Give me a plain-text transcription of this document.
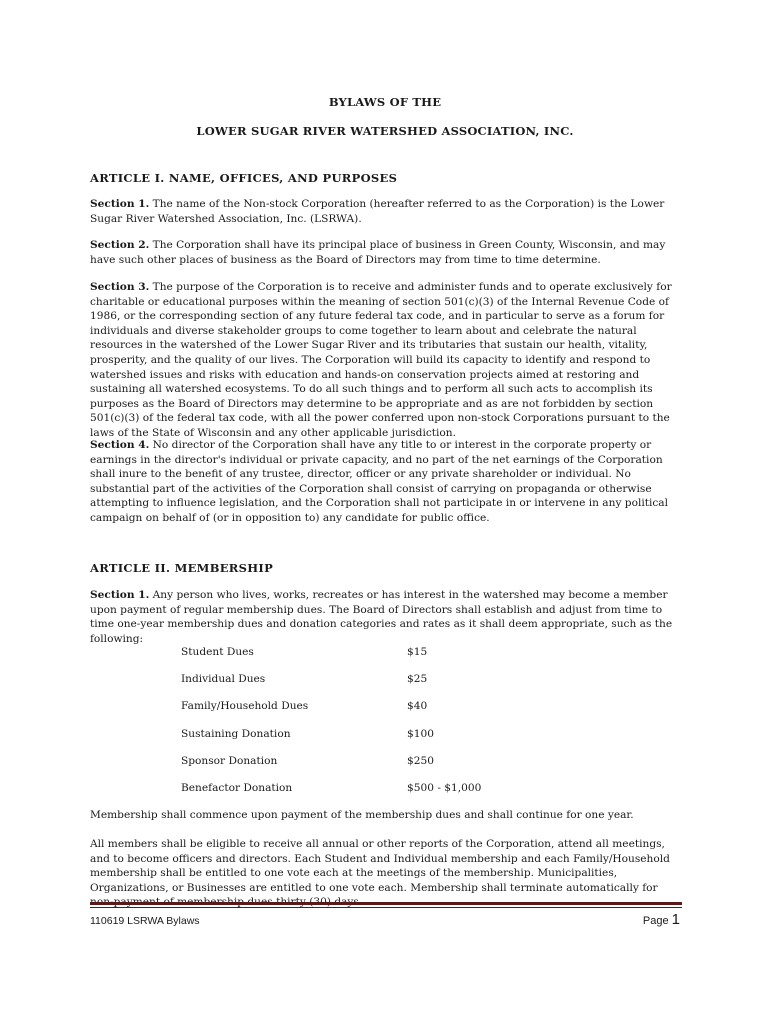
BYLAWS OF THE
LOWER SUGAR RIVER WATERSHED ASSOCIATION, INC.
ARTICLE I. NAME, OFFICES, AND PURPOSES
Section 1. The name of the Non-stock Corporation (hereafter referred to as the Corporation) is the Lower Sugar River Watershed Association, Inc. (LSRWA).
Section 2. The Corporation shall have its principal place of business in Green County, Wisconsin, and may have such other places of business as the Board of Directors may from time to time determine.
Section 3. The purpose of the Corporation is to receive and administer funds and to operate exclusively for charitable or educational purposes within the meaning of section 501(c)(3) of the Internal Revenue Code of 1986, or the corresponding section of any future federal tax code, and in particular to serve as a forum for individuals and diverse stakeholder groups to come together to learn about and celebrate the natural resources in the watershed of the Lower Sugar River and its tributaries that sustain our health, vitality, prosperity, and the quality of our lives. The Corporation will build its capacity to identify and respond to watershed issues and risks with education and hands-on conservation projects aimed at restoring and sustaining all watershed ecosystems. To do all such things and to perform all such acts to accomplish its purposes as the Board of Directors may determine to be appropriate and as are not forbidden by section 501(c)(3) of the federal tax code, with all the power conferred upon non-stock Corporations pursuant to the laws of the State of Wisconsin and any other applicable jurisdiction.
Section 4. No director of the Corporation shall have any title to or interest in the corporate property or earnings in the director's individual or private capacity, and no part of the net earnings of the Corporation shall inure to the benefit of any trustee, director, officer or any private shareholder or individual. No substantial part of the activities of the Corporation shall consist of carrying on propaganda or otherwise attempting to influence legislation, and the Corporation shall not participate in or intervene in any political campaign on behalf of (or in opposition to) any candidate for public office.
ARTICLE II. MEMBERSHIP
Section 1. Any person who lives, works, recreates or has interest in the watershed may become a member upon payment of regular membership dues. The Board of Directors shall establish and adjust from time to time one-year membership dues and donation categories and rates as it shall deem appropriate, such as the following:
Student Dues	$15
Individual Dues	$25
Family/Household Dues	$40
Sustaining Donation	$100
Sponsor Donation	$250
Benefactor Donation	$500 - $1,000
Membership shall commence upon payment of the membership dues and shall continue for one year.
All members shall be eligible to receive all annual or other reports of the Corporation, attend all meetings, and to become officers and directors. Each Student and Individual membership and each Family/Household membership shall be entitled to one vote each at the meetings of the membership. Municipalities, Organizations, or Businesses are entitled to one vote each. Membership shall terminate automatically for
110619 LSRWA Bylaws	Page 1
